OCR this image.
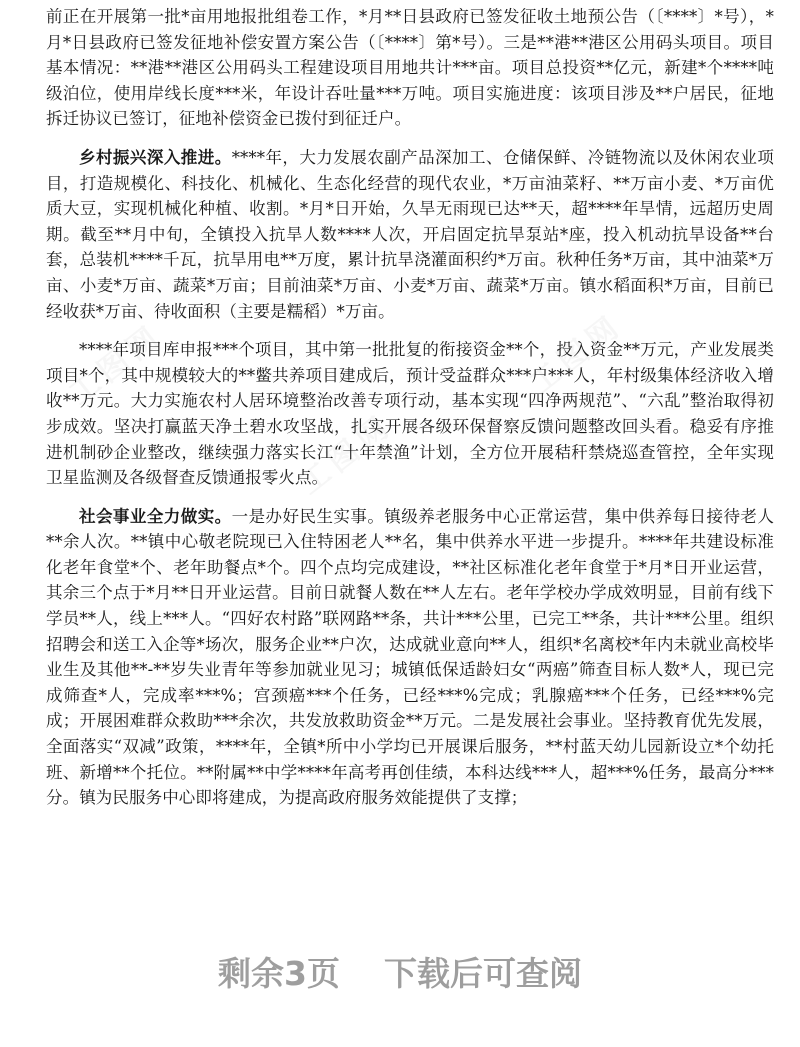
工图网
工图网
工图网

前正在开展第一批*亩用地报批组卷工作，*月**日县政府已签发征收土地预公告（〔****〕*号），*月*日县政府已签发征地补偿安置方案公告（〔****〕第*号）。三是**港**港区公用码头项目。项目基本情况：**港**港区公用码头工程建设项目用地共计***亩。项目总投资**亿元，新建*个****吨级泊位，使用岸线长度***米，年设计吞吐量***万吨。项目实施进度：该项目涉及**户居民，征地拆迁协议已签订，征地补偿资金已拨付到征迁户。

乡村振兴深入推进。****年，大力发展农副产品深加工、仓储保鲜、冷链物流以及休闲农业项目，打造规模化、科技化、机械化、生态化经营的现代农业，*万亩油菜籽、**万亩小麦、*万亩优质大豆，实现机械化种植、收割。*月*日开始，久旱无雨现已达**天，超****年旱情，远超历史周期。截至**月中旬，全镇投入抗旱人数****人次，开启固定抗旱泵站*座，投入机动抗旱设备**台套，总装机****千瓦，抗旱用电**万度，累计抗旱浇灌面积约*万亩。秋种任务*万亩，其中油菜*万亩、小麦*万亩、蔬菜*万亩；目前油菜*万亩、小麦*万亩、蔬菜*万亩。镇水稻面积*万亩，目前已经收获*万亩、待收面积（主要是糯稻）*万亩。

****年项目库申报***个项目，其中第一批批复的衔接资金**个，投入资金**万元，产业发展类项目*个，其中规模较大的**鳖共养项目建成后，预计受益群众***户***人，年村级集体经济收入增收**万元。大力实施农村人居环境整治改善专项行动，基本实现“四净两规范”、“六乱”整治取得初步成效。坚决打赢蓝天净土碧水攻坚战，扎实开展各级环保督察反馈问题整改回头看。稳妥有序推进机制砂企业整改，继续强力落实长江“十年禁渔”计划，全方位开展秸秆禁烧巡查管控，全年实现卫星监测及各级督查反馈通报零火点。

社会事业全力做实。一是办好民生实事。镇级养老服务中心正常运营，集中供养每日接待老人**余人次。**镇中心敬老院现已入住特困老人**名，集中供养水平进一步提升。****年共建设标准化老年食堂*个、老年助餐点*个。四个点均完成建设，**社区标准化老年食堂于*月*日开业运营，其余三个点于*月**日开业运营。目前日就餐人数在**人左右。老年学校办学成效明显，目前有线下学员**人，线上***人。“四好农村路”联网路**条，共计***公里，已完工**条，共计***公里。组织招聘会和送工入企等*场次，服务企业**户次，达成就业意向**人，组织*名离校*年内未就业高校毕业生及其他**-**岁失业青年等参加就业见习；城镇低保适龄妇女“两癌”筛查目标人数*人，现已完成筛查*人，完成率***%；宫颈癌***个任务，已经***%完成；乳腺癌***个任务，已经***%完成；开展困难群众救助***余次，共发放救助资金**万元。二是发展社会事业。坚持教育优先发展，全面落实“双减”政策，****年，全镇*所中小学均已开展课后服务，**村蓝天幼儿园新设立*个幼托班、新增**个托位。**附属**中学****年高考再创佳绩，本科达线***人，超***%任务，最高分***分。镇为民服务中心即将建成，为提高政府服务效能提供了支撑；

剩余3页 下载后可查阅
